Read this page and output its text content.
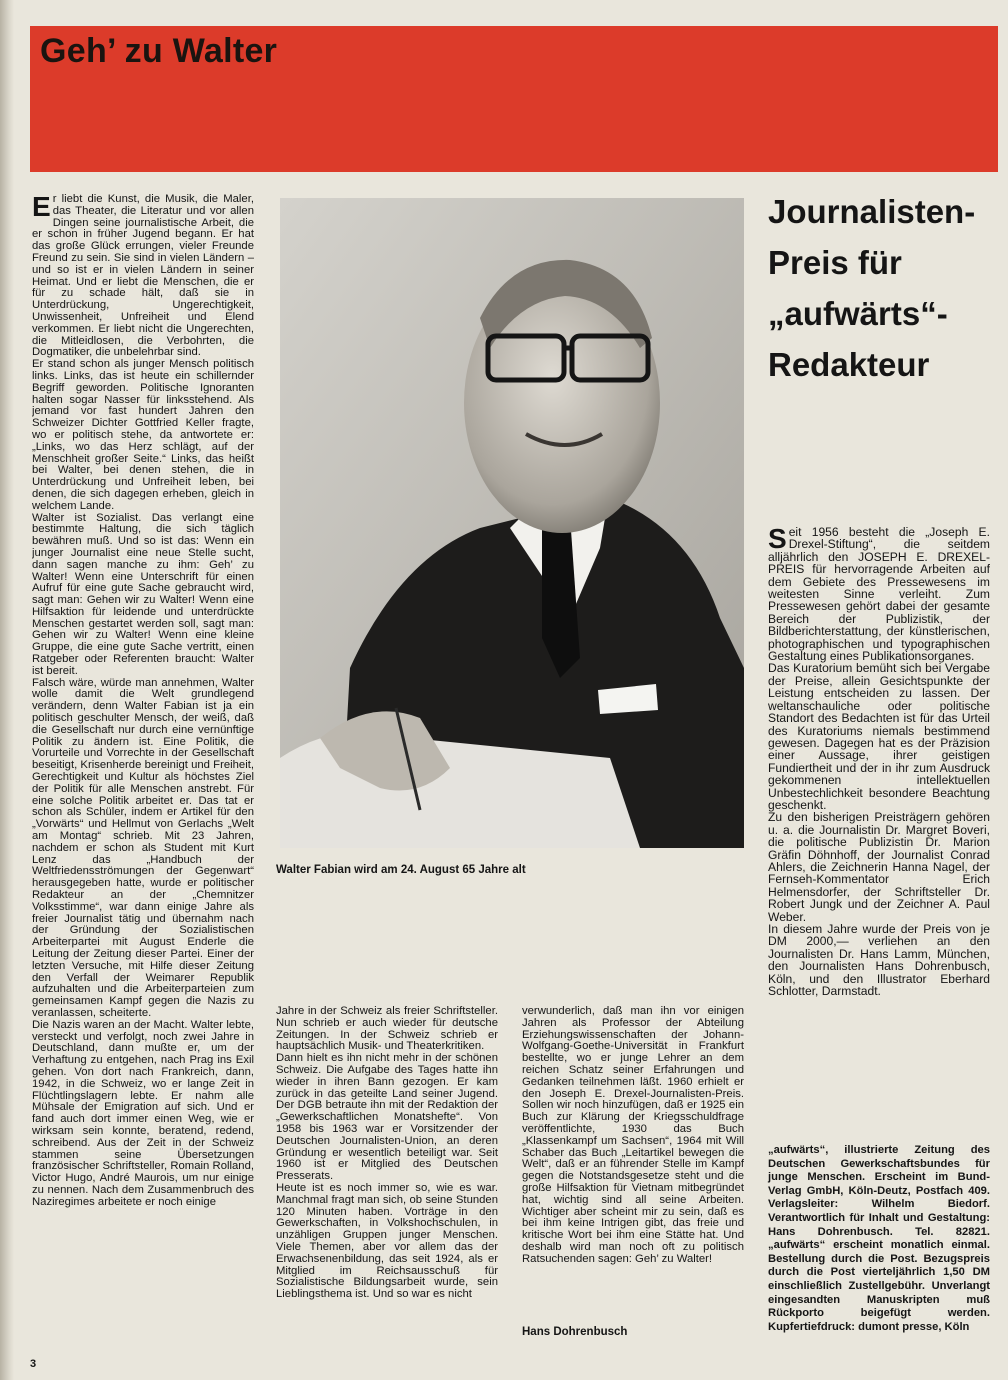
Geh’ zu Walter

Er liebt die Kunst, die Musik, die Maler, das Theater, die Literatur und vor allen Dingen seine journalistische Arbeit, die er schon in früher Jugend begann. Er hat das große Glück errungen, vieler Freunde Freund zu sein. Sie sind in vielen Ländern – und so ist er in vielen Ländern in seiner Heimat. Und er liebt die Menschen, die er für zu schade hält, daß sie in Unterdrückung, Ungerechtigkeit, Unwissenheit, Unfreiheit und Elend verkommen. Er liebt nicht die Ungerechten, die Mitleidlosen, die Verbohrten, die Dogmatiker, die unbelehrbar sind.

Er stand schon als junger Mensch politisch links. Links, das ist heute ein schillernder Begriff geworden. Politische Ignoranten halten sogar Nasser für linksstehend. Als jemand vor fast hundert Jahren den Schweizer Dichter Gottfried Keller fragte, wo er politisch stehe, da antwortete er: „Links, wo das Herz schlägt, auf der Menschheit großer Seite.“ Links, das heißt bei Walter, bei denen stehen, die in Unterdrückung und Unfreiheit leben, bei denen, die sich dagegen erheben, gleich in welchem Lande.

Walter ist Sozialist. Das verlangt eine bestimmte Haltung, die sich täglich bewähren muß. Und so ist das: Wenn ein junger Journalist eine neue Stelle sucht, dann sagen manche zu ihm: Geh’ zu Walter! Wenn eine Unterschrift für einen Aufruf für eine gute Sache gebraucht wird, sagt man: Gehen wir zu Walter! Wenn eine Hilfsaktion für leidende und unterdrückte Menschen gestartet werden soll, sagt man: Gehen wir zu Walter! Wenn eine kleine Gruppe, die eine gute Sache vertritt, einen Ratgeber oder Referenten braucht: Walter ist bereit.

Falsch wäre, würde man annehmen, Walter wolle damit die Welt grundlegend verändern, denn Walter Fabian ist ja ein politisch geschulter Mensch, der weiß, daß die Gesellschaft nur durch eine vernünftige Politik zu ändern ist. Eine Politik, die Vorurteile und Vorrechte in der Gesellschaft beseitigt, Krisenherde bereinigt und Freiheit, Gerechtigkeit und Kultur als höchstes Ziel der Politik für alle Menschen anstrebt. Für eine solche Politik arbeitet er. Das tat er schon als Schüler, indem er Artikel für den „Vorwärts“ und Hellmut von Gerlachs „Welt am Montag“ schrieb. Mit 23 Jahren, nachdem er schon als Student mit Kurt Lenz das „Handbuch der Weltfriedensströmungen der Gegenwart“ herausgegeben hatte, wurde er politischer Redakteur an der „Chemnitzer Volksstimme“, war dann einige Jahre als freier Journalist tätig und übernahm nach der Gründung der Sozialistischen Arbeiterpartei mit August Enderle die Leitung der Zeitung dieser Partei. Einer der letzten Versuche, mit Hilfe dieser Zeitung den Verfall der Weimarer Republik aufzuhalten und die Arbeiterparteien zum gemeinsamen Kampf gegen die Nazis zu veranlassen, scheiterte.

Die Nazis waren an der Macht. Walter lebte, versteckt und verfolgt, noch zwei Jahre in Deutschland, dann mußte er, um der Verhaftung zu entgehen, nach Prag ins Exil gehen. Von dort nach Frankreich, dann, 1942, in die Schweiz, wo er lange Zeit in Flüchtlingslagern lebte. Er nahm alle Mühsale der Emigration auf sich. Und er fand auch dort immer einen Weg, wie er wirksam sein konnte, beratend, redend, schreibend. Aus der Zeit in der Schweiz stammen seine Übersetzungen französischer Schriftsteller, Romain Rolland, Victor Hugo, André Maurois, um nur einige zu nennen. Nach dem Zusammenbruch des Naziregimes arbeitete er noch einige

Walter Fabian wird am 24. August 65 Jahre alt

Jahre in der Schweiz als freier Schriftsteller. Nun schrieb er auch wieder für deutsche Zeitungen. In der Schweiz schrieb er hauptsächlich Musik- und Theaterkritiken.

Dann hielt es ihn nicht mehr in der schönen Schweiz. Die Aufgabe des Tages hatte ihn wieder in ihren Bann gezogen. Er kam zurück in das geteilte Land seiner Jugend. Der DGB betraute ihn mit der Redaktion der „Gewerkschaftlichen Monatshefte“. Von 1958 bis 1963 war er Vorsitzender der Deutschen Journalisten-Union, an deren Gründung er wesentlich beteiligt war. Seit 1960 ist er Mitglied des Deutschen Presserats.

Heute ist es noch immer so, wie es war. Manchmal fragt man sich, ob seine Stunden 120 Minuten haben. Vorträge in den Gewerkschaften, in Volkshochschulen, in unzähligen Gruppen junger Menschen. Viele Themen, aber vor allem das der Erwachsenenbildung, das seit 1924, als er Mitglied im Reichsausschuß für Sozialistische Bildungsarbeit wurde, sein Lieblingsthema ist. Und so war es nicht

verwunderlich, daß man ihn vor einigen Jahren als Professor der Abteilung Erziehungswissenschaften der Johann-Wolfgang-Goethe-Universität in Frankfurt bestellte, wo er junge Lehrer an dem reichen Schatz seiner Erfahrungen und Gedanken teilnehmen läßt. 1960 erhielt er den Joseph E. Drexel-Journalisten-Preis. Sollen wir noch hinzufügen, daß er 1925 ein Buch zur Klärung der Kriegsschuldfrage veröffentlichte, 1930 das Buch „Klassenkampf um Sachsen“, 1964 mit Will Schaber das Buch „Leitartikel bewegen die Welt“, daß er an führender Stelle im Kampf gegen die Notstandsgesetze steht und die große Hilfsaktion für Vietnam mitbegründet hat, wichtig sind all seine Arbeiten. Wichtiger aber scheint mir zu sein, daß es bei ihm keine Intrigen gibt, das freie und kritische Wort bei ihm eine Stätte hat. Und deshalb wird man noch oft zu politisch Ratsuchenden sagen: Geh’ zu Walter!

Hans Dohrenbusch
Journalisten-
Preis für
„aufwärts“-
Redakteur

Seit 1956 besteht die „Joseph E. Drexel-Stiftung“, die seitdem alljährlich den JOSEPH E. DREXEL-PREIS für hervorragende Arbeiten auf dem Gebiete des Pressewesens im weitesten Sinne verleiht. Zum Pressewesen gehört dabei der gesamte Bereich der Publizistik, der Bildberichterstattung, der künstlerischen, photographischen und typographischen Gestaltung eines Publikationsorganes.

Das Kuratorium bemüht sich bei Vergabe der Preise, allein Gesichtspunkte der Leistung entscheiden zu lassen. Der weltanschauliche oder politische Standort des Bedachten ist für das Urteil des Kuratoriums niemals bestimmend gewesen. Dagegen hat es der Präzision einer Aussage, ihrer geistigen Fundiertheit und der in ihr zum Ausdruck gekommenen intellektuellen Unbestechlichkeit besondere Beachtung geschenkt.

Zu den bisherigen Preisträgern gehören u. a. die Journalistin Dr. Margret Boveri, die politische Publizistin Dr. Marion Gräfin Döhnhoff, der Journalist Conrad Ahlers, die Zeichnerin Hanna Nagel, der Fernseh-Kommentator Erich Helmensdorfer, der Schriftsteller Dr. Robert Jungk und der Zeichner A. Paul Weber.

In diesem Jahre wurde der Preis von je DM 2000,— verliehen an den Journalisten Dr. Hans Lamm, München, den Journalisten Hans Dohrenbusch, Köln, und den Illustrator Eberhard Schlotter, Darmstadt.

„aufwärts“, illustrierte Zeitung des Deutschen Gewerkschaftsbundes für junge Menschen. Erscheint im Bund-Verlag GmbH, Köln-Deutz, Postfach 409. Verlagsleiter: Wilhelm Biedorf. Verantwortlich für Inhalt und Gestaltung: Hans Dohrenbusch. Tel. 82821. „aufwärts“ erscheint monatlich einmal. Bestellung durch die Post. Bezugspreis durch die Post vierteljährlich 1,50 DM einschließlich Zustellgebühr. Unverlangt eingesandten Manuskripten muß Rückporto beigefügt werden. Kupfertiefdruck: dumont presse, Köln
3
